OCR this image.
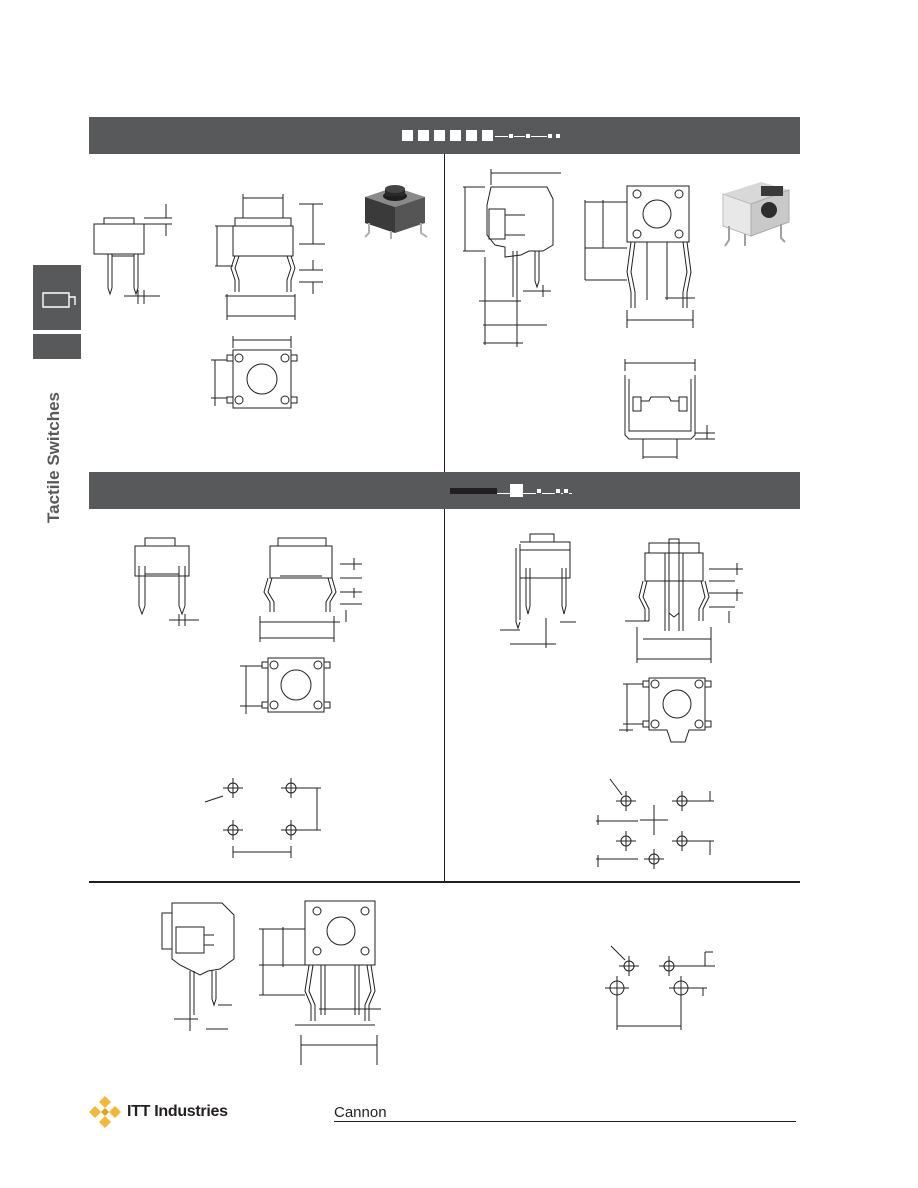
Tactile Switches
ITT Industries	Cannon
